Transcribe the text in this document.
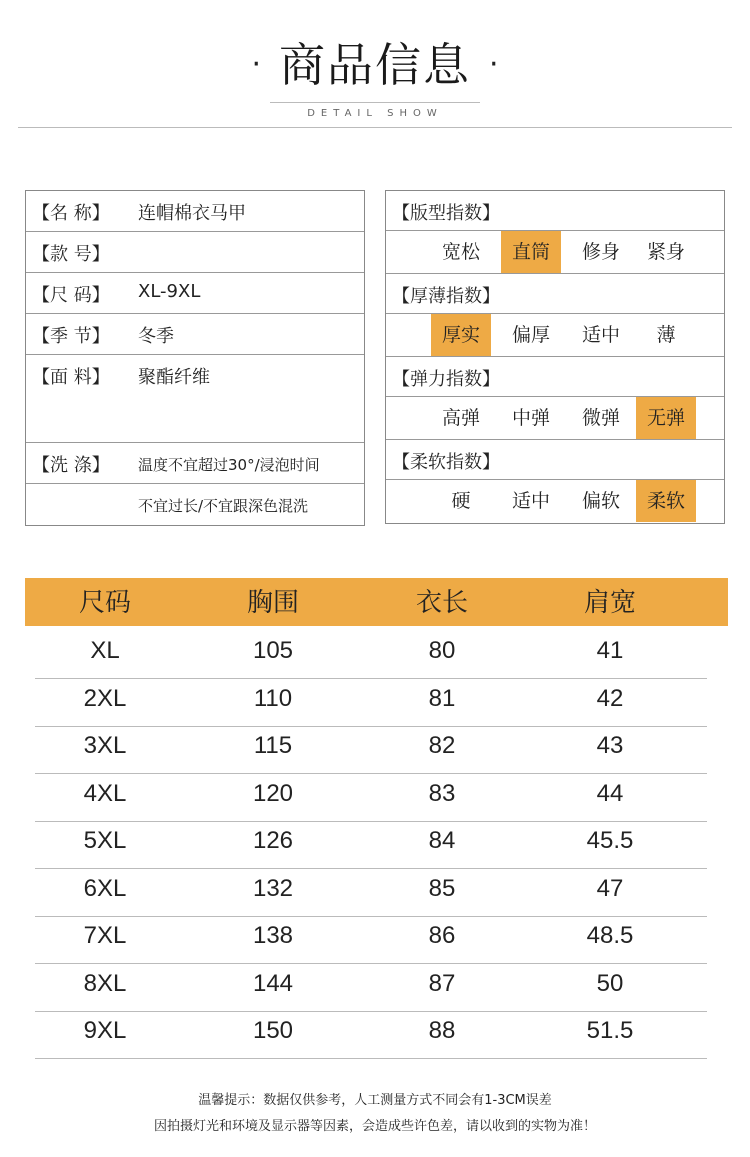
· 商品信息 ·
DETAIL SHOW
【名 称】 连帽棉衣马甲
【款 号】
【尺 码】 XL-9XL
【季 节】 冬季
【面 料】 聚酯纤维
【洗 涤】 温度不宜超过30°/浸泡时间
不宜过长/不宜跟深色混洗
【版型指数】
宽松	直筒	修身	紧身
【厚薄指数】
厚实	偏厚	适中	薄
【弹力指数】
高弹	中弹	微弹	无弹
【柔软指数】
硬	适中	偏软	柔软
尺码	胸围	衣长	肩宽
XL	105	80	41
2XL	110	81	42
3XL	115	82	43
4XL	120	83	44
5XL	126	84	45.5
6XL	132	85	47
7XL	138	86	48.5
8XL	144	87	50
9XL	150	88	51.5
温馨提示：数据仅供参考，人工测量方式不同会有1-3CM误差
因拍摄灯光和环境及显示器等因素，会造成些许色差，请以收到的实物为准！
